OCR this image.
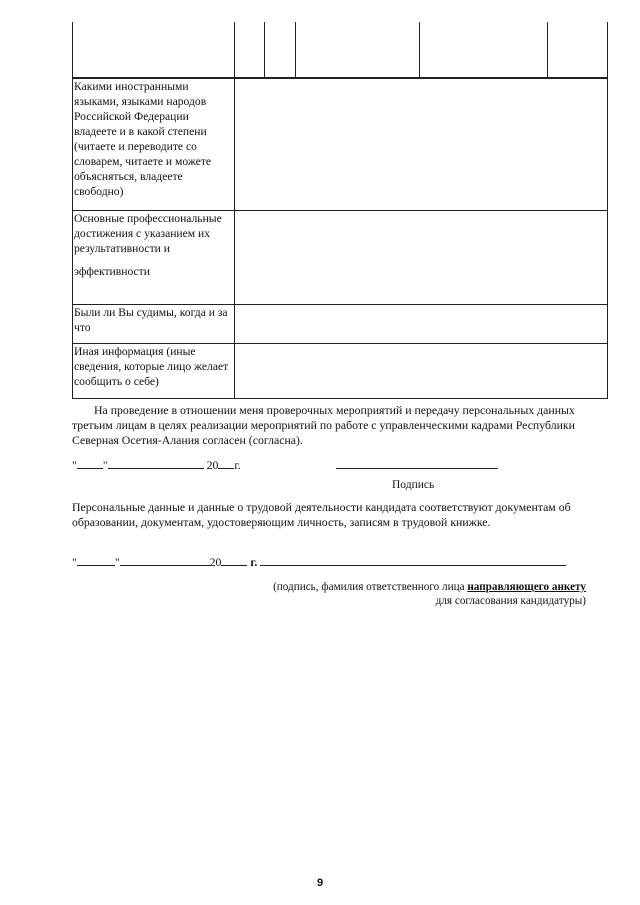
Какими иностранными языками, языками народов Российской Федерации владеете и в какой степени (читаете и переводите со словарем, читаете и можете объясняться, владеете свободно)	
Основные профессиональные достижения с указанием их результативности и
эффективности	

Были ли Вы судимы, когда и за что	
Иная информация (иные сведения, которые лицо желает сообщить о себе)	

На проведение в отношении меня проверочных мероприятий и передачу персональных данных третьим лицам в целях реализации мероприятий по работе с управленческими кадрами Республики Северная Осетия-Алания согласен (согласна).

" "	20 г.
Подпись

Персональные данные и данные о трудовой деятельности кандидата соответствуют документам об образовании, документам, удостоверяющим личность, записям в трудовой книжке.

"	"	20 г.
(подпись, фамилия ответственного лица направляющего анкету
для согласования кандидатуры)
9
